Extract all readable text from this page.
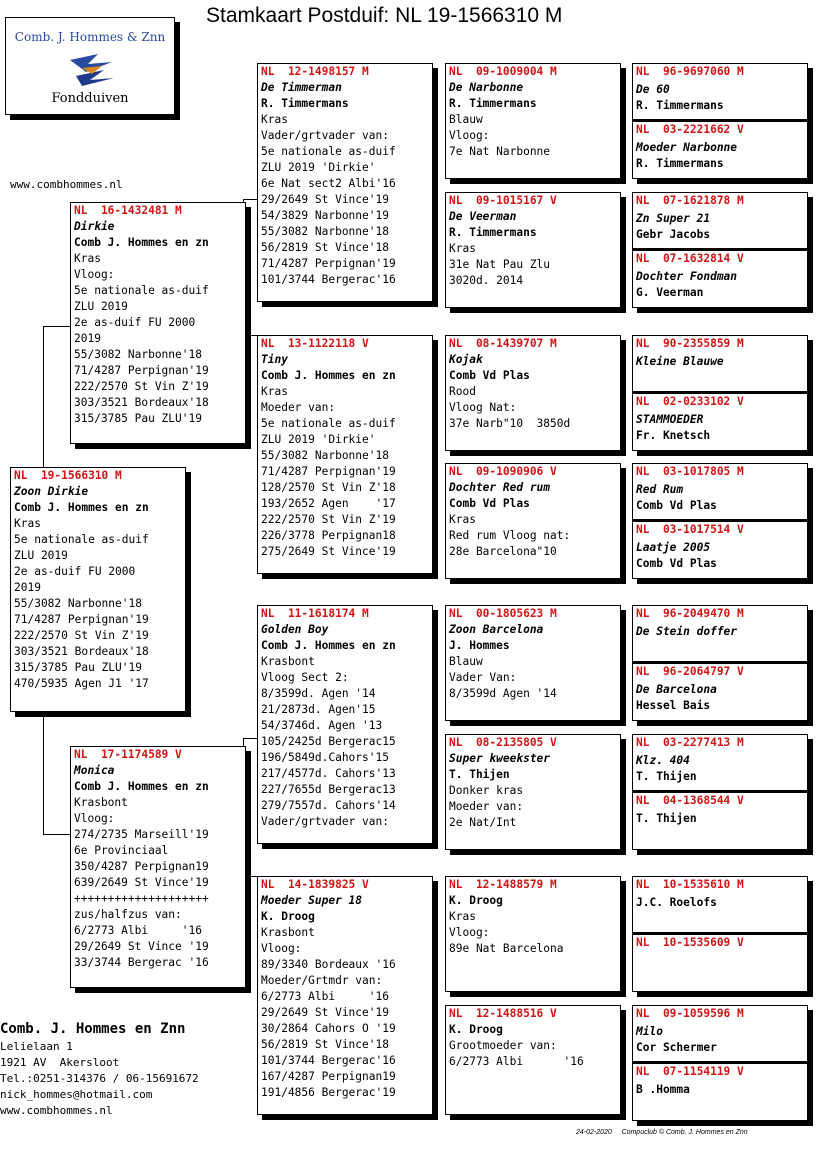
Stamkaart Postduif: NL 19-1566310 M
Comb. J. Hommes & Znn
Fondduiven
www.combhommes.nl
NL  19-1566310 M
Zoon Dirkie
Comb J. Hommes en zn
Kras
5e nationale as-duif
ZLU 2019
2e as-duif FU 2000
2019
55/3082 Narbonne'18
71/4287 Perpignan'19
222/2570 St Vin Z'19
303/3521 Bordeaux'18
315/3785 Pau ZLU'19
470/5935 Agen J1 '17
NL  16-1432481 M
Dirkie
Comb J. Hommes en zn
Kras
Vloog:
5e nationale as-duif
ZLU 2019
2e as-duif FU 2000
2019
55/3082 Narbonne'18
71/4287 Perpignan'19
222/2570 St Vin Z'19
303/3521 Bordeaux'18
315/3785 Pau ZLU'19
NL  17-1174589 V
Monica
Comb J. Hommes en zn
Krasbont
Vloog:
274/2735 Marseill'19
6e Provinciaal
350/4287 Perpignan19
639/2649 St Vince'19
++++++++++++++++++++
zus/halfzus van:
6/2773 Albi     '16
29/2649 St Vince '19
33/3744 Bergerac '16
NL  12-1498157 M
De Timmerman
R. Timmermans
Kras
Vader/grtvader van:
5e nationale as-duif
ZLU 2019 'Dirkie'
6e Nat sect2 Albi'16
29/2649 St Vince'19
54/3829 Narbonne'19
55/3082 Narbonne'18
56/2819 St Vince'18
71/4287 Perpignan'19
101/3744 Bergerac'16
NL  13-1122118 V
Tiny
Comb J. Hommes en zn
Kras
Moeder van:
5e nationale as-duif
ZLU 2019 'Dirkie'
55/3082 Narbonne'18
71/4287 Perpignan'19
128/2570 St Vin Z'18
193/2652 Agen    '17
222/2570 St Vin Z'19
226/3778 Perpignan18
275/2649 St Vince'19
NL  11-1618174 M
Golden Boy
Comb J. Hommes en zn
Krasbont
Vloog Sect 2:
8/3599d. Agen '14
21/2873d. Agen'15
54/3746d. Agen '13
105/2425d Bergerac15
196/5849d.Cahors'15
217/4577d. Cahors'13
227/7655d Bergerac13
279/7557d. Cahors'14
Vader/grtvader van:
NL  14-1839825 V
Moeder Super 18
K. Droog
Krasbont
Vloog:
89/3340 Bordeaux '16
Moeder/Grtmdr van:
6/2773 Albi     '16
29/2649 St Vince'19
30/2864 Cahors O '19
56/2819 St Vince'18
101/3744 Bergerac'16
167/4287 Perpignan19
191/4856 Bergerac'19
NL  09-1009004 M
De Narbonne
R. Timmermans
Blauw
Vloog:
7e Nat Narbonne
NL  09-1015167 V
De Veerman
R. Timmermans
Kras
31e Nat Pau Zlu
3020d. 2014
NL  08-1439707 M
Kojak
Comb Vd Plas
Rood
Vloog Nat:
37e Narb"10  3850d
NL  09-1090906 V
Dochter Red rum
Comb Vd Plas
Kras
Red rum Vloog nat:
28e Barcelona"10
NL  00-1805623 M
Zoon Barcelona
J. Hommes
Blauw
Vader Van:
8/3599d Agen '14
NL  08-2135805 V
Super kweekster
T. Thijen
Donker kras
Moeder van:
2e Nat/Int
NL  12-1488579 M
K. Droog
Kras
Vloog:
89e Nat Barcelona
NL  12-1488516 V
K. Droog
Grootmoeder van:
6/2773 Albi      '16
NL  96-9697060 M
De 60
R. Timmermans
NL  03-2221662 V
Moeder Narbonne
R. Timmermans
NL  07-1621878 M
Zn Super 21
Gebr Jacobs
NL  07-1632814 V
Dochter Fondman
G. Veerman
NL  90-2355859 M
Kleine Blauwe
NL  02-0233102 V
STAMMOEDER
Fr. Knetsch
NL  03-1017805 M
Red Rum
Comb Vd Plas
NL  03-1017514 V
Laatje 2005
Comb Vd Plas
NL  96-2049470 M
De Stein doffer
NL  96-2064797 V
De Barcelona
Hessel Bais
NL  03-2277413 M
Klz. 404
T. Thijen
NL  04-1368544 V
T. Thijen
NL  10-1535610 M
J.C. Roelofs
NL  10-1535609 V
NL  09-1059596 M
Milo
Cor Schermer
NL  07-1154119 V
B .Homma
Comb. J. Hommes en Znn
Lelielaan 1
1921 AV  Akersloot
Tel.:0251-314376 / 06-15691672
nick_hommes@hotmail.com
www.combhommes.nl
24-02-2020     Compuclub © Comb. J. Hommes en Znn
